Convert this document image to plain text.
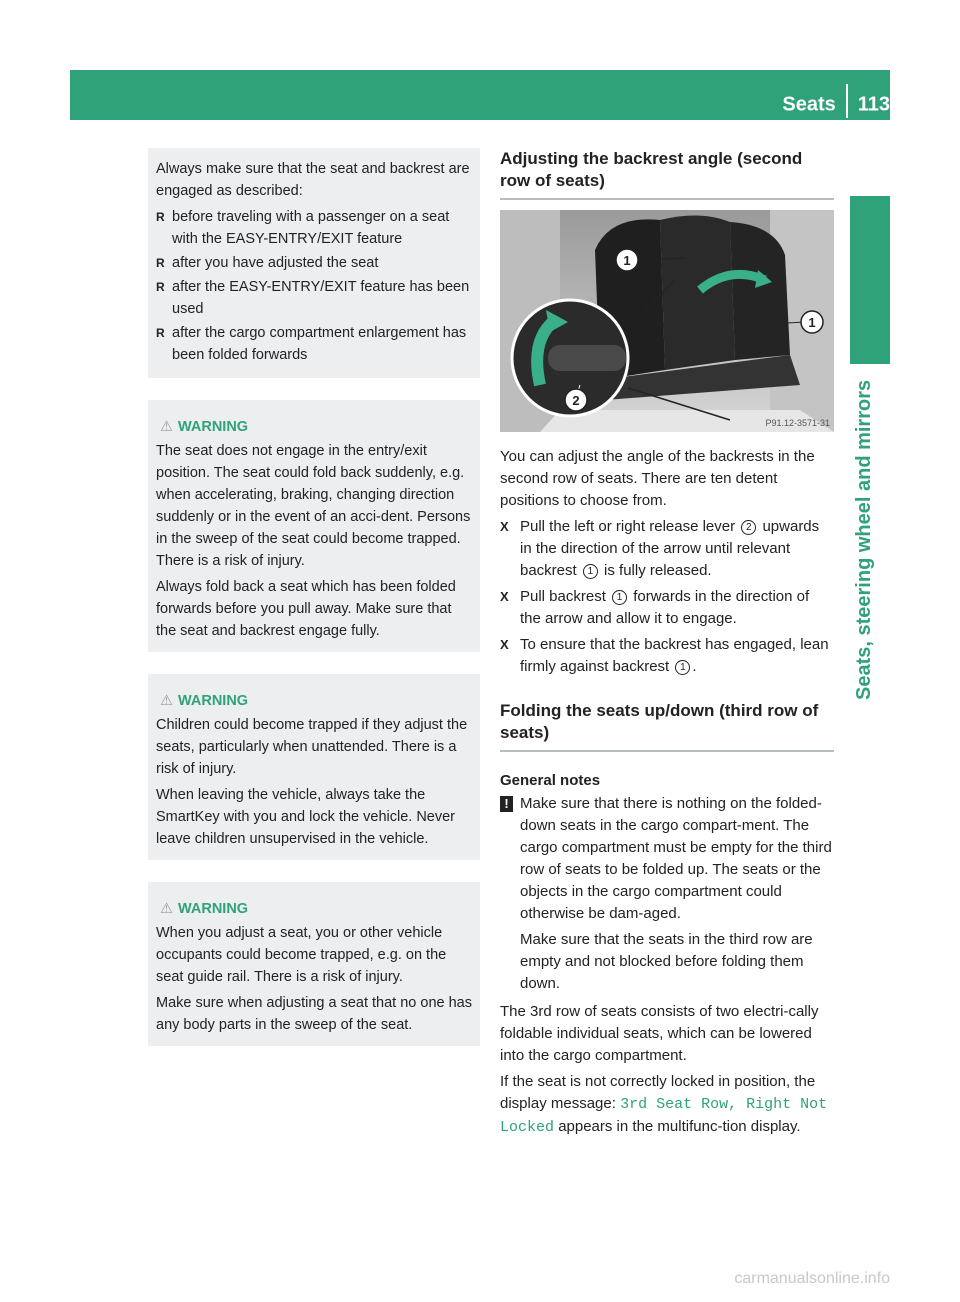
Seats 113
Seats, steering wheel and mirrors

Always make sure that the seat and backrest are engaged as described:

R before traveling with a passenger on a seat with the EASY-ENTRY/EXIT feature
R after you have adjusted the seat
R after the EASY-ENTRY/EXIT feature has been used
R after the cargo compartment enlargement has been folded forwards
⚠ WARNING

The seat does not engage in the entry/exit position. The seat could fold back suddenly, e.g. when accelerating, braking, changing direction suddenly or in the event of an acci-dent. Persons in the sweep of the seat could become trapped. There is a risk of injury.

Always fold back a seat which has been folded forwards before you pull away. Make sure that the seat and backrest engage fully.

⚠ WARNING

Children could become trapped if they adjust the seats, particularly when unattended. There is a risk of injury.

When leaving the vehicle, always take the SmartKey with you and lock the vehicle. Never leave children unsupervised in the vehicle.

⚠ WARNING

When you adjust a seat, you or other vehicle occupants could become trapped, e.g. on the seat guide rail. There is a risk of injury.

Make sure when adjusting a seat that no one has any body parts in the sweep of the seat.

Adjusting the backrest angle (second row of seats)
1
1
2
P91.12-3571-31

You can adjust the angle of the backrests in the second row of seats. There are ten detent positions to choose from.

X Pull the left or right release lever 2 upwards in the direction of the arrow until relevant backrest 1 is fully released.
X Pull backrest 1 forwards in the direction of the arrow and allow it to engage.
X To ensure that the backrest has engaged, lean firmly against backrest 1 .
Folding the seats up/down (third row of seats)
General notes
! Make sure that there is nothing on the folded-down seats in the cargo compart-ment. The cargo compartment must be empty for the third row of seats to be folded up. The seats or the objects in the cargo compartment could otherwise be dam-aged.

Make sure that the seats in the third row are empty and not blocked before folding them down.

The 3rd row of seats consists of two electri-cally foldable individual seats, which can be lowered into the cargo compartment.

If the seat is not correctly locked in position, the display message: 3rd Seat Row, Right Not Locked appears in the multifunc-tion display.

carmanualsonline.info
